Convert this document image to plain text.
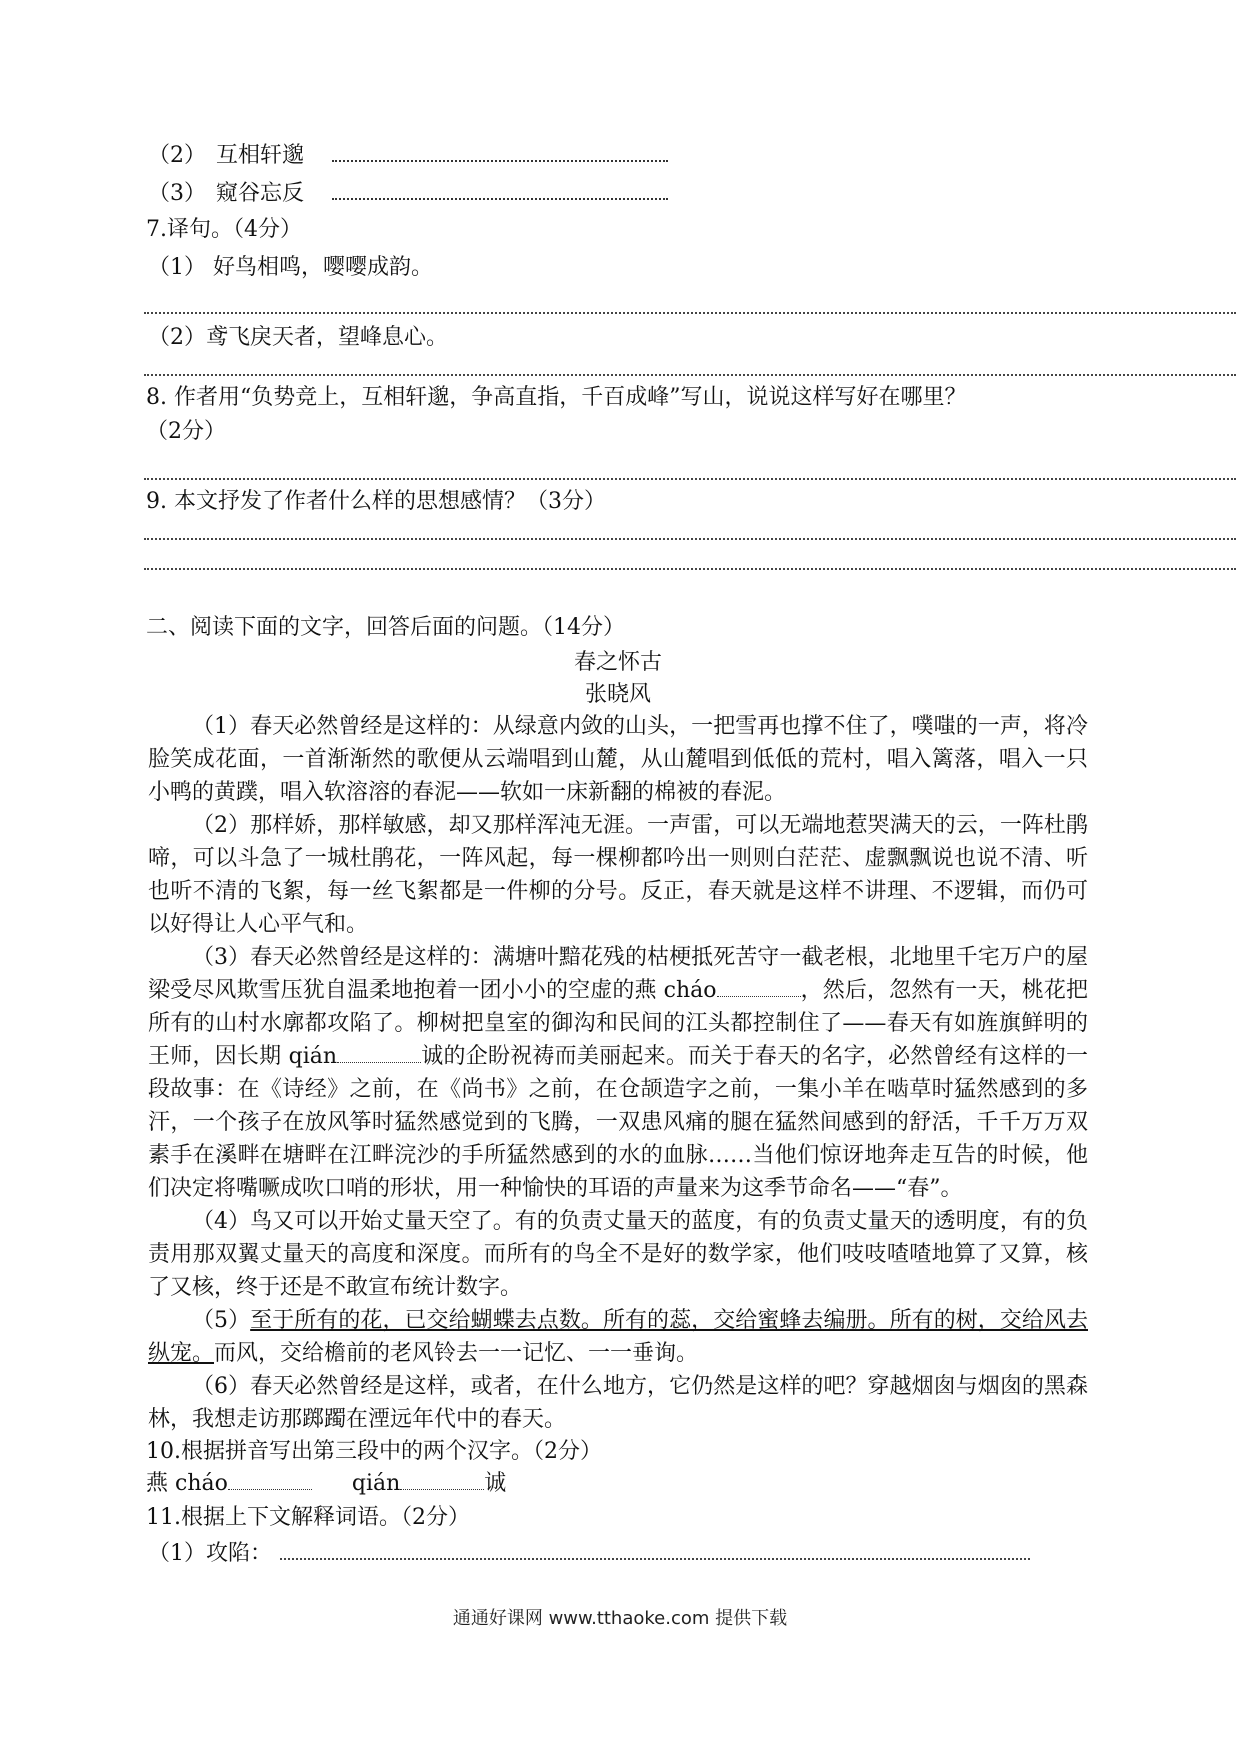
（2） 互相轩邈
（3） 窥谷忘反
7.译句。（4分）
（1） 好鸟相鸣，嘤嘤成韵。
（2）鸢飞戾天者，望峰息心。
8. 作者用“负势竞上，互相轩邈，争高直指，千百成峰”写山，说说这样写好在哪里？
（2分）
9. 本文抒发了作者什么样的思想感情？（3分）
二、阅读下面的文字，回答后面的问题。（14分）
春之怀古
张晓风
（1）春天必然曾经是这样的：从绿意内敛的山头，一把雪再也撑不住了，噗嗤的一声，将冷脸笑成花面，一首渐渐然的歌便从云端唱到山麓，从山麓唱到低低的荒村，唱入篱落，唱入一只小鸭的黄蹼，唱入软溶溶的春泥——软如一床新翻的棉被的春泥。
（2）那样娇，那样敏感，却又那样浑沌无涯。一声雷，可以无端地惹哭满天的云，一阵杜鹃啼，可以斗急了一城杜鹃花，一阵风起，每一棵柳都吟出一则则白茫茫、虚飘飘说也说不清、听也听不清的飞絮，每一丝飞絮都是一件柳的分号。反正，春天就是这样不讲理、不逻辑，而仍可以好得让人心平气和。
（3）春天必然曾经是这样的：满塘叶黯花残的枯梗抵死苦守一截老根，北地里千宅万户的屋梁受尽风欺雪压犹自温柔地抱着一团小小的空虚的燕 cháo	，然后，忽然有一天，桃花把所有的山村水廓都攻陷了。柳树把皇室的御沟和民间的江头都控制住了——春天有如旌旗鲜明的王师，因长期 qián	诚的企盼祝祷而美丽起来。而关于春天的名字，必然曾经有这样的一段故事：在《诗经》之前，在《尚书》之前，在仓颉造字之前，一集小羊在啮草时猛然感到的多汗，一个孩子在放风筝时猛然感觉到的飞腾，一双患风痛的腿在猛然间感到的舒活，千千万万双素手在溪畔在塘畔在江畔浣沙的手所猛然感到的水的血脉……当他们惊讶地奔走互告的时候，他们决定将嘴噘成吹口哨的形状，用一种愉快的耳语的声量来为这季节命名——“春”。
（4）鸟又可以开始丈量天空了。有的负责丈量天的蓝度，有的负责丈量天的透明度，有的负责用那双翼丈量天的高度和深度。而所有的鸟全不是好的数学家，他们吱吱喳喳地算了又算，核了又核，终于还是不敢宣布统计数字。
（5）至于所有的花，已交给蝴蝶去点数。所有的蕊，交给蜜蜂去编册。所有的树，交给风去纵宠。而风，交给檐前的老风铃去一一记忆、一一垂询。
（6）春天必然曾经是这样，或者，在什么地方，它仍然是这样的吧？穿越烟囱与烟囱的黑森林，我想走访那踯躅在湮远年代中的春天。
10.根据拼音写出第三段中的两个汉字。（2分）
燕 cháo	qián	诚
11.根据上下文解释词语。（2分）
（1）攻陷：
通通好课网 www.tthaoke.com 提供下载
